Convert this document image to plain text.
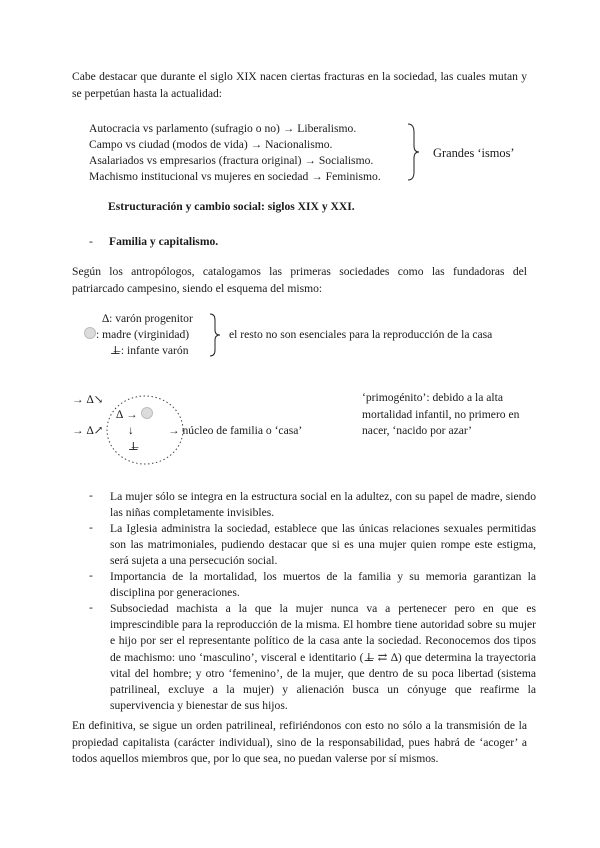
Cabe destacar que durante el siglo XIX nacen ciertas fracturas en la sociedad, las cuales mutan y se perpetúan hasta la actualidad:
Autocracia vs parlamento (sufragio o no) → Liberalismo.
Campo vs ciudad (modos de vida) → Nacionalismo.
Asalariados vs empresarios (fractura original) → Socialismo.
Machismo institucional vs mujeres en sociedad → Feminismo.
Grandes ‘ismos’
Estructuración y cambio social: siglos XIX y XXI.
- Familia y capitalismo.
Según los antropólogos, catalogamos las primeras sociedades como las fundadoras del patriarcado campesino, siendo el esquema del mismo:
∆: varón progenitor
: madre (virginidad)
⊥̶: infante varón
el resto no son esenciales para la reproducción de la casa
→ ∆↘
→ ∆↗
∆ →
↓
⊥̶
→ núcleo de familia o ‘casa’
‘primogénito’: debido a la alta mortalidad infantil, no primero en nacer, ‘nacido por azar’
- La mujer sólo se integra en la estructura social en la adultez, con su papel de madre, siendo las niñas completamente invisibles.
- La Iglesia administra la sociedad, establece que las únicas relaciones sexuales permitidas son las matrimoniales, pudiendo destacar que si es una mujer quien rompe este estigma, será sujeta a una persecución social.
- Importancia de la mortalidad, los muertos de la familia y su memoria garantizan la disciplina por generaciones.
- Subsociedad machista a la que la mujer nunca va a pertenecer pero en que es imprescindible para la reproducción de la misma. El hombre tiene autoridad sobre su mujer e hijo por ser el representante político de la casa ante la sociedad. Reconocemos dos tipos de machismo: uno ‘masculino’, visceral e identitario (⊥̶ ⇄ ∆) que determina la trayectoria vital del hombre; y otro ‘femenino’, de la mujer, que dentro de su poca libertad (sistema patrilineal, excluye a la mujer) y alienación busca un cónyuge que reafirme la supervivencia y bienestar de sus hijos.
En definitiva, se sigue un orden patrilineal, refiriéndonos con esto no sólo a la transmisión de la propiedad capitalista (carácter individual), sino de la responsabilidad, pues habrá de ‘acoger’ a todos aquellos miembros que, por lo que sea, no puedan valerse por sí mismos.
